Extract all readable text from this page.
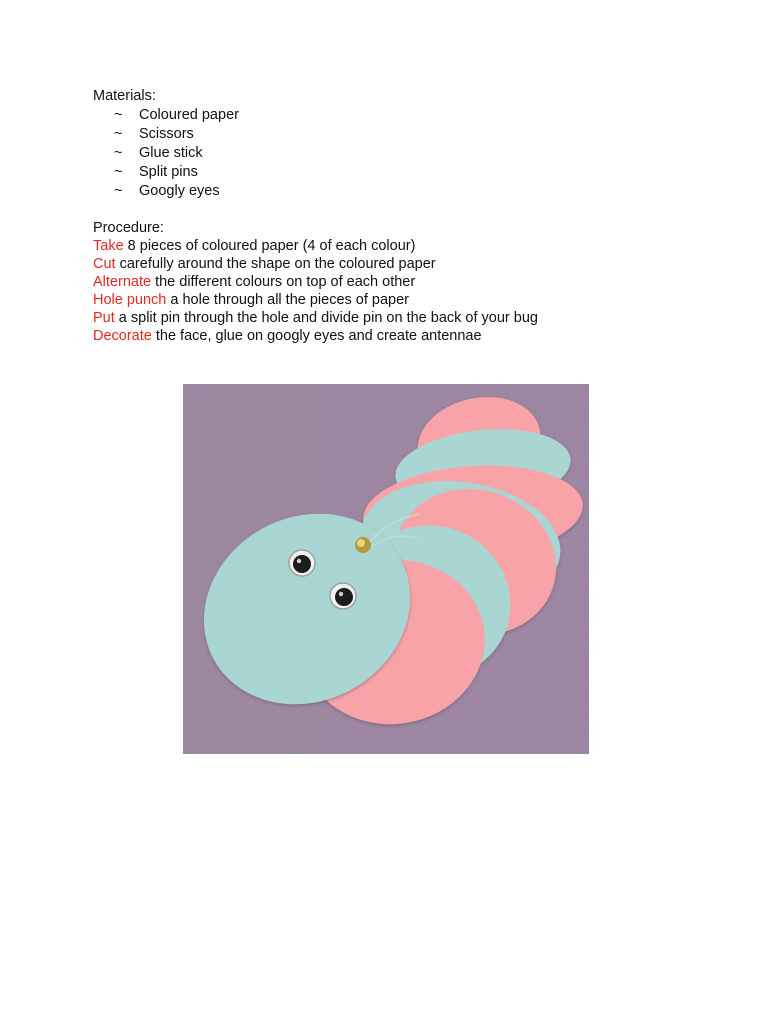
Materials:

~ Coloured paper
~ Scissors
~ Glue stick
~ Split pins
~ Googly eyes

Procedure:

Take 8 pieces of coloured paper (4 of each colour)
Cut carefully around the shape on the coloured paper
Alternate the different colours on top of each other
Hole punch a hole through all the pieces of paper
Put a split pin through the hole and divide pin on the back of your bug
Decorate the face, glue on googly eyes and create antennae
